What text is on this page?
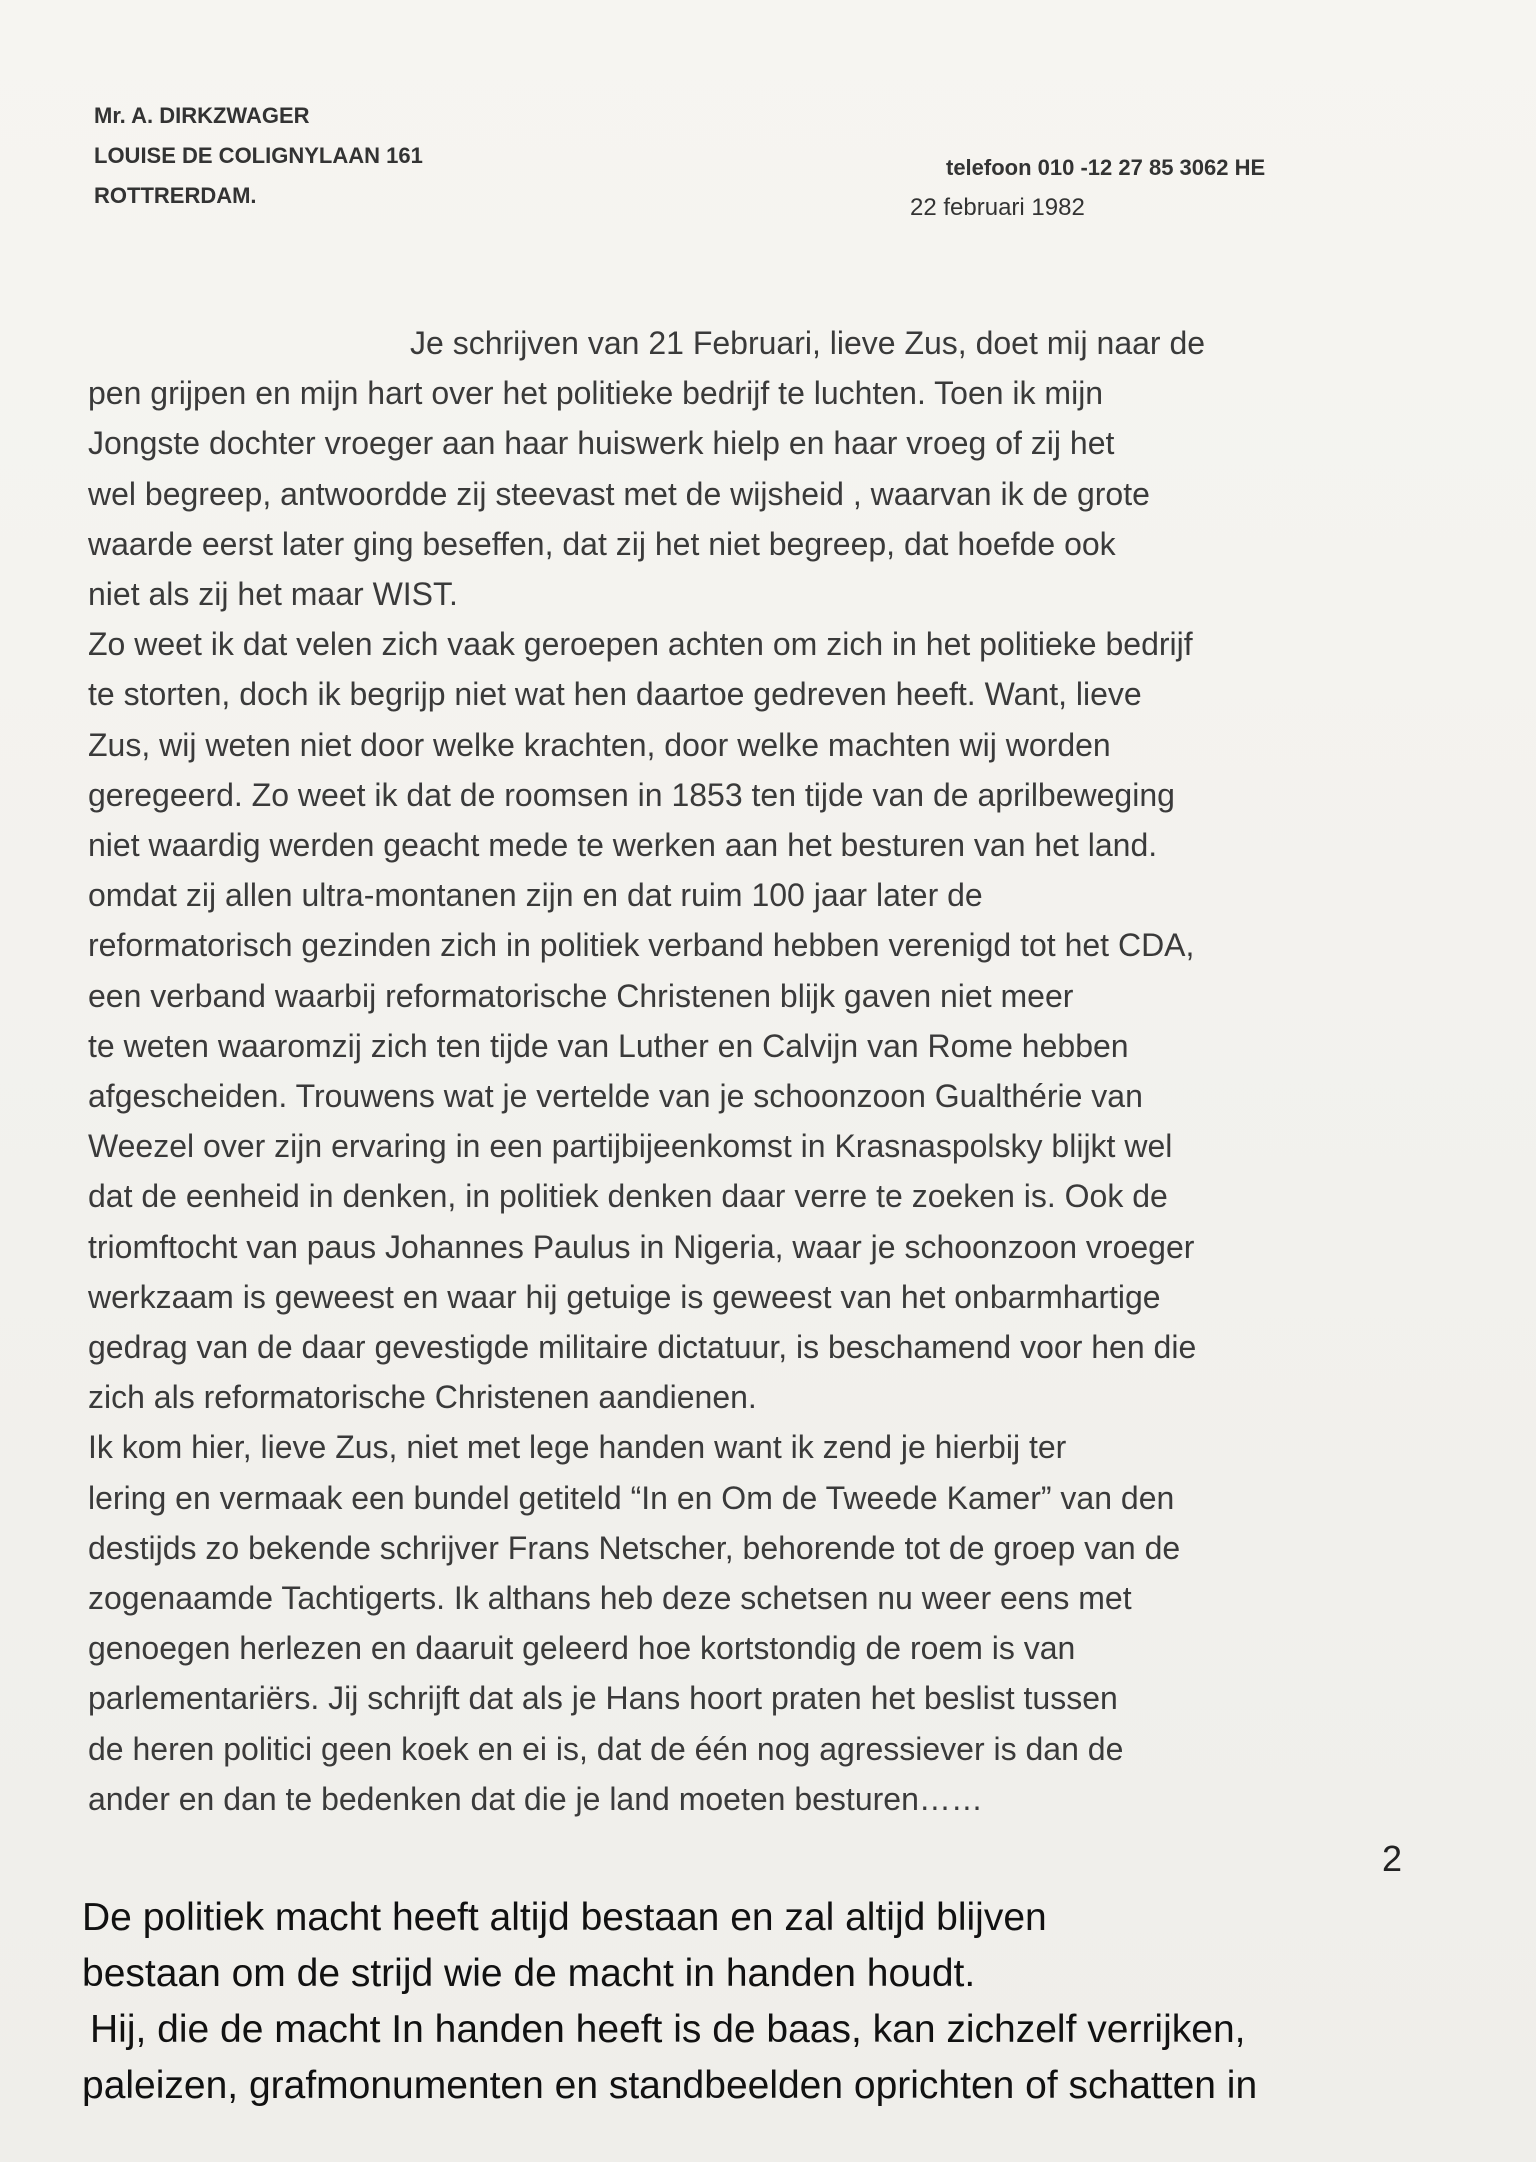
Mr. A. DIRKZWAGER
LOUISE DE COLIGNYLAAN 161
ROTTRERDAM.
telefoon 010 -12 27 85 3062 HE
22 februari 1982
Je schrijven van 21 Februari, lieve Zus, doet mij naar de
pen grijpen en mijn hart over het politieke bedrijf te luchten. Toen ik mijn
Jongste dochter vroeger aan haar huiswerk hielp en haar vroeg of zij het
wel begreep, antwoordde zij steevast met de wijsheid , waarvan ik de grote
waarde eerst later ging beseffen, dat zij het niet begreep, dat hoefde ook
niet als zij het maar WIST.
Zo weet ik dat velen zich vaak geroepen achten om zich in het politieke bedrijf
te storten, doch ik begrijp niet wat hen daartoe gedreven heeft. Want, lieve
Zus, wij weten niet door welke krachten, door welke machten wij worden
geregeerd. Zo weet ik dat de roomsen in 1853 ten tijde van de aprilbeweging
niet waardig werden geacht mede te werken aan het besturen van het land.
omdat zij allen ultra-montanen zijn en dat ruim 100 jaar later de
reformatorisch gezinden zich in politiek verband hebben verenigd tot het CDA,
een verband waarbij reformatorische Christenen blijk gaven niet meer
te weten waaromzij zich ten tijde van Luther en Calvijn van Rome hebben
afgescheiden. Trouwens wat je vertelde van je schoonzoon Gualthérie van
Weezel over zijn ervaring in een partijbijeenkomst in Krasnaspolsky blijkt wel
dat de eenheid in denken, in politiek denken daar verre te zoeken is. Ook de
triomftocht van paus Johannes Paulus in Nigeria, waar je schoonzoon vroeger
werkzaam is geweest en waar hij getuige is geweest van het onbarmhartige
gedrag van de daar gevestigde militaire dictatuur, is beschamend voor hen die
zich als reformatorische Christenen aandienen.
Ik kom hier, lieve Zus, niet met lege handen want ik zend je hierbij ter
lering en vermaak een bundel getiteld “In en Om de Tweede Kamer” van den
destijds zo bekende schrijver Frans Netscher, behorende tot de groep van de
zogenaamde Tachtigerts. Ik althans heb deze schetsen nu weer eens met
genoegen herlezen en daaruit geleerd hoe kortstondig de roem is van
parlementariërs. Jij schrijft dat als je Hans hoort praten het beslist tussen
de heren politici geen koek en ei is, dat de één nog agressiever is dan de
ander en dan te bedenken dat die je land moeten besturen……
2
De politiek macht heeft altijd bestaan en zal altijd blijven
bestaan om de strijd wie de macht in handen houdt.
Hij, die de macht In handen heeft is de baas, kan zichzelf verrijken,
paleizen, grafmonumenten en standbeelden oprichten of schatten in
